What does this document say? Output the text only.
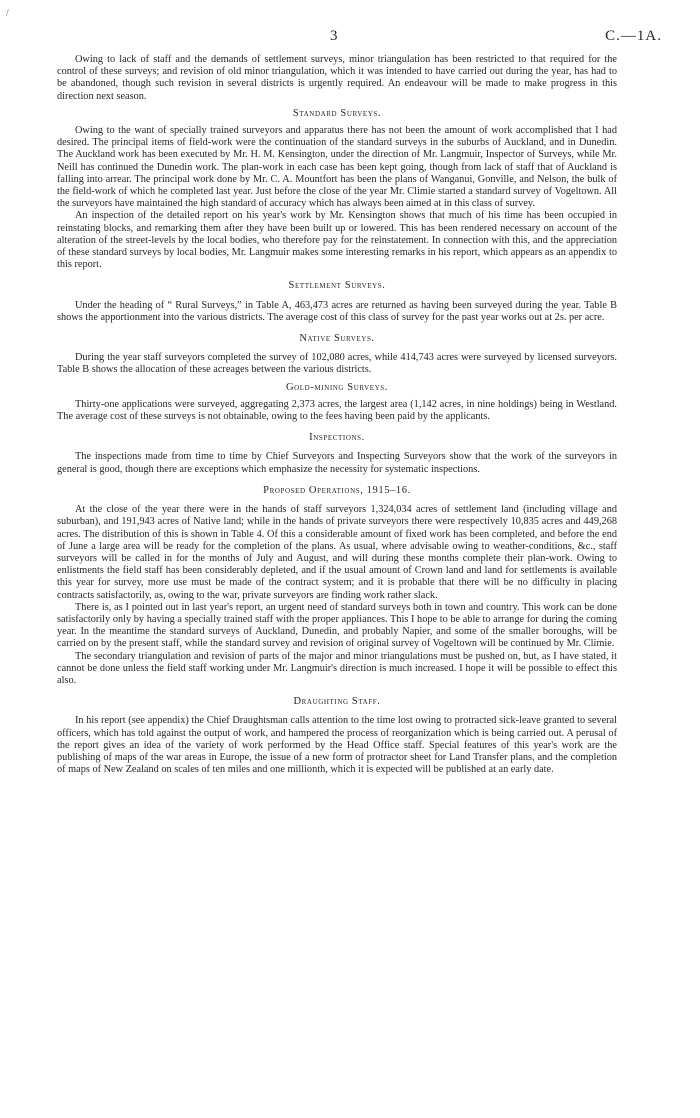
/
3	C.—1A.

Owing to lack of staff and the demands of settlement surveys, minor triangulation has been restricted to that required for the control of these surveys; and revision of old minor triangulation, which it was intended to have carried out during the year, has had to be abandoned, though such revision in several districts is urgently required. An endeavour will be made to make progress in this direction next season.

Standard Surveys.

Owing to the want of specially trained surveyors and apparatus there has not been the amount of work accomplished that I had desired. The principal items of field-work were the continuation of the standard surveys in the suburbs of Auckland, and in Dunedin. The Auckland work has been executed by Mr. H. M. Kensington, under the direction of Mr. Langmuir, Inspector of Surveys, while Mr. Neill has continued the Dunedin work. The plan-work in each case has been kept going, though from lack of staff that of Auckland is falling into arrear. The principal work done by Mr. C. A. Mountfort has been the plans of Wanganui, Gonville, and Nelson, the bulk of the field-work of which he completed last year. Just before the close of the year Mr. Climie started a standard survey of Vogeltown. All the surveyors have maintained the high standard of accuracy which has always been aimed at in this class of survey.

An inspection of the detailed report on his year's work by Mr. Kensington shows that much of his time has been occupied in reinstating blocks, and remarking them after they have been built up or lowered. This has been rendered necessary on account of the alteration of the street-levels by the local bodies, who therefore pay for the reinstatement. In connection with this, and the appreciation of these standard surveys by local bodies, Mr. Langmuir makes some interesting remarks in his report, which appears as an appendix to this report.

Settlement Surveys.

Under the heading of “ Rural Surveys,” in Table A, 463,473 acres are returned as having been surveyed during the year. Table B shows the apportionment into the various districts. The average cost of this class of survey for the past year works out at 2s. per acre.

Native Surveys.

During the year staff surveyors completed the survey of 102,080 acres, while 414,743 acres were surveyed by licensed surveyors. Table B shows the allocation of these acreages between the various districts.

Gold-mining Surveys.

Thirty-one applications were surveyed, aggregating 2,373 acres, the largest area (1,142 acres, in nine holdings) being in Westland. The average cost of these surveys is not obtainable, owing to the fees having been paid by the applicants.

Inspections.

The inspections made from time to time by Chief Surveyors and Inspecting Surveyors show that the work of the surveyors in general is good, though there are exceptions which emphasize the necessity for systematic inspections.

Proposed Operations, 1915–16.

At the close of the year there were in the hands of staff surveyors 1,324,034 acres of settlement land (including village and suburban), and 191,943 acres of Native land; while in the hands of private surveyors there were respectively 10,835 acres and 449,268 acres. The distribution of this is shown in Table 4. Of this a considerable amount of fixed work has been completed, and before the end of June a large area will be ready for the completion of the plans. As usual, where advisable owing to weather-conditions, &c., staff surveyors will be called in for the months of July and August, and will during these months complete their plan-work. Owing to enlistments the field staff has been considerably depleted, and if the usual amount of Crown land and land for settlements is available this year for survey, more use must be made of the contract system; and it is probable that there will be no difficulty in placing contracts satisfactorily, as, owing to the war, private surveyors are finding work rather slack.

There is, as I pointed out in last year's report, an urgent need of standard surveys both in town and country. This work can be done satisfactorily only by having a specially trained staff with the proper appliances. This I hope to be able to arrange for during the coming year. In the meantime the standard surveys of Auckland, Dunedin, and probably Napier, and some of the smaller boroughs, will be carried on by the present staff, while the standard survey and revision of original survey of Vogeltown will be continued by Mr. Climie.

The secondary triangulation and revision of parts of the major and minor triangulations must be pushed on, but, as I have stated, it cannot be done unless the field staff working under Mr. Langmuir's direction is much increased. I hope it will be possible to effect this also.

Draughting Staff.

In his report (see appendix) the Chief Draughtsman calls attention to the time lost owing to protracted sick-leave granted to several officers, which has told against the output of work, and hampered the process of reorganization which is being carried out. A perusal of the report gives an idea of the variety of work performed by the Head Office staff. Special features of this year's work are the publishing of maps of the war areas in Europe, the issue of a new form of protractor sheet for Land Transfer plans, and the completion of maps of New Zealand on scales of ten miles and one millionth, which it is expected will be published at an early date.
